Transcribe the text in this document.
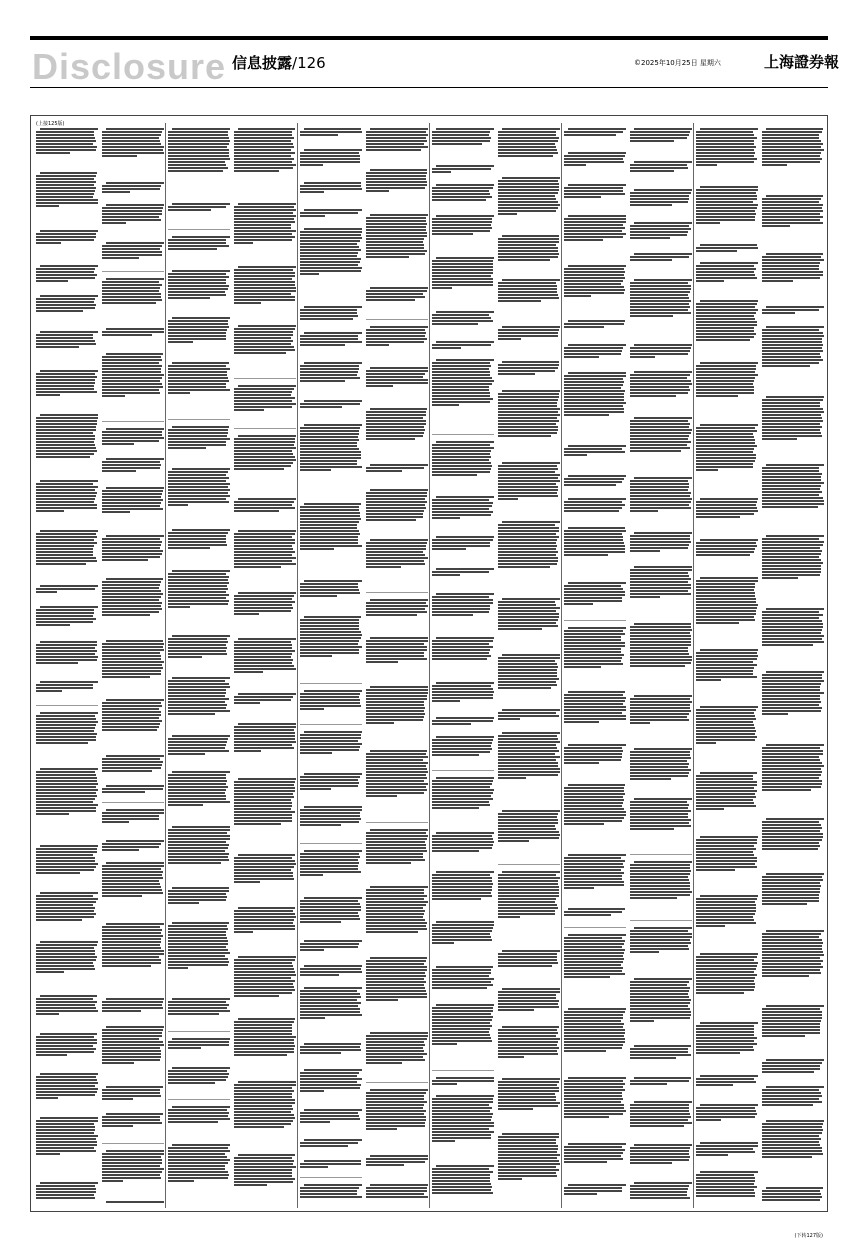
Disclosure 信息披露/126	©2025年10月25日 星期六	上海證券報
(上接125版)
(下转127版)
